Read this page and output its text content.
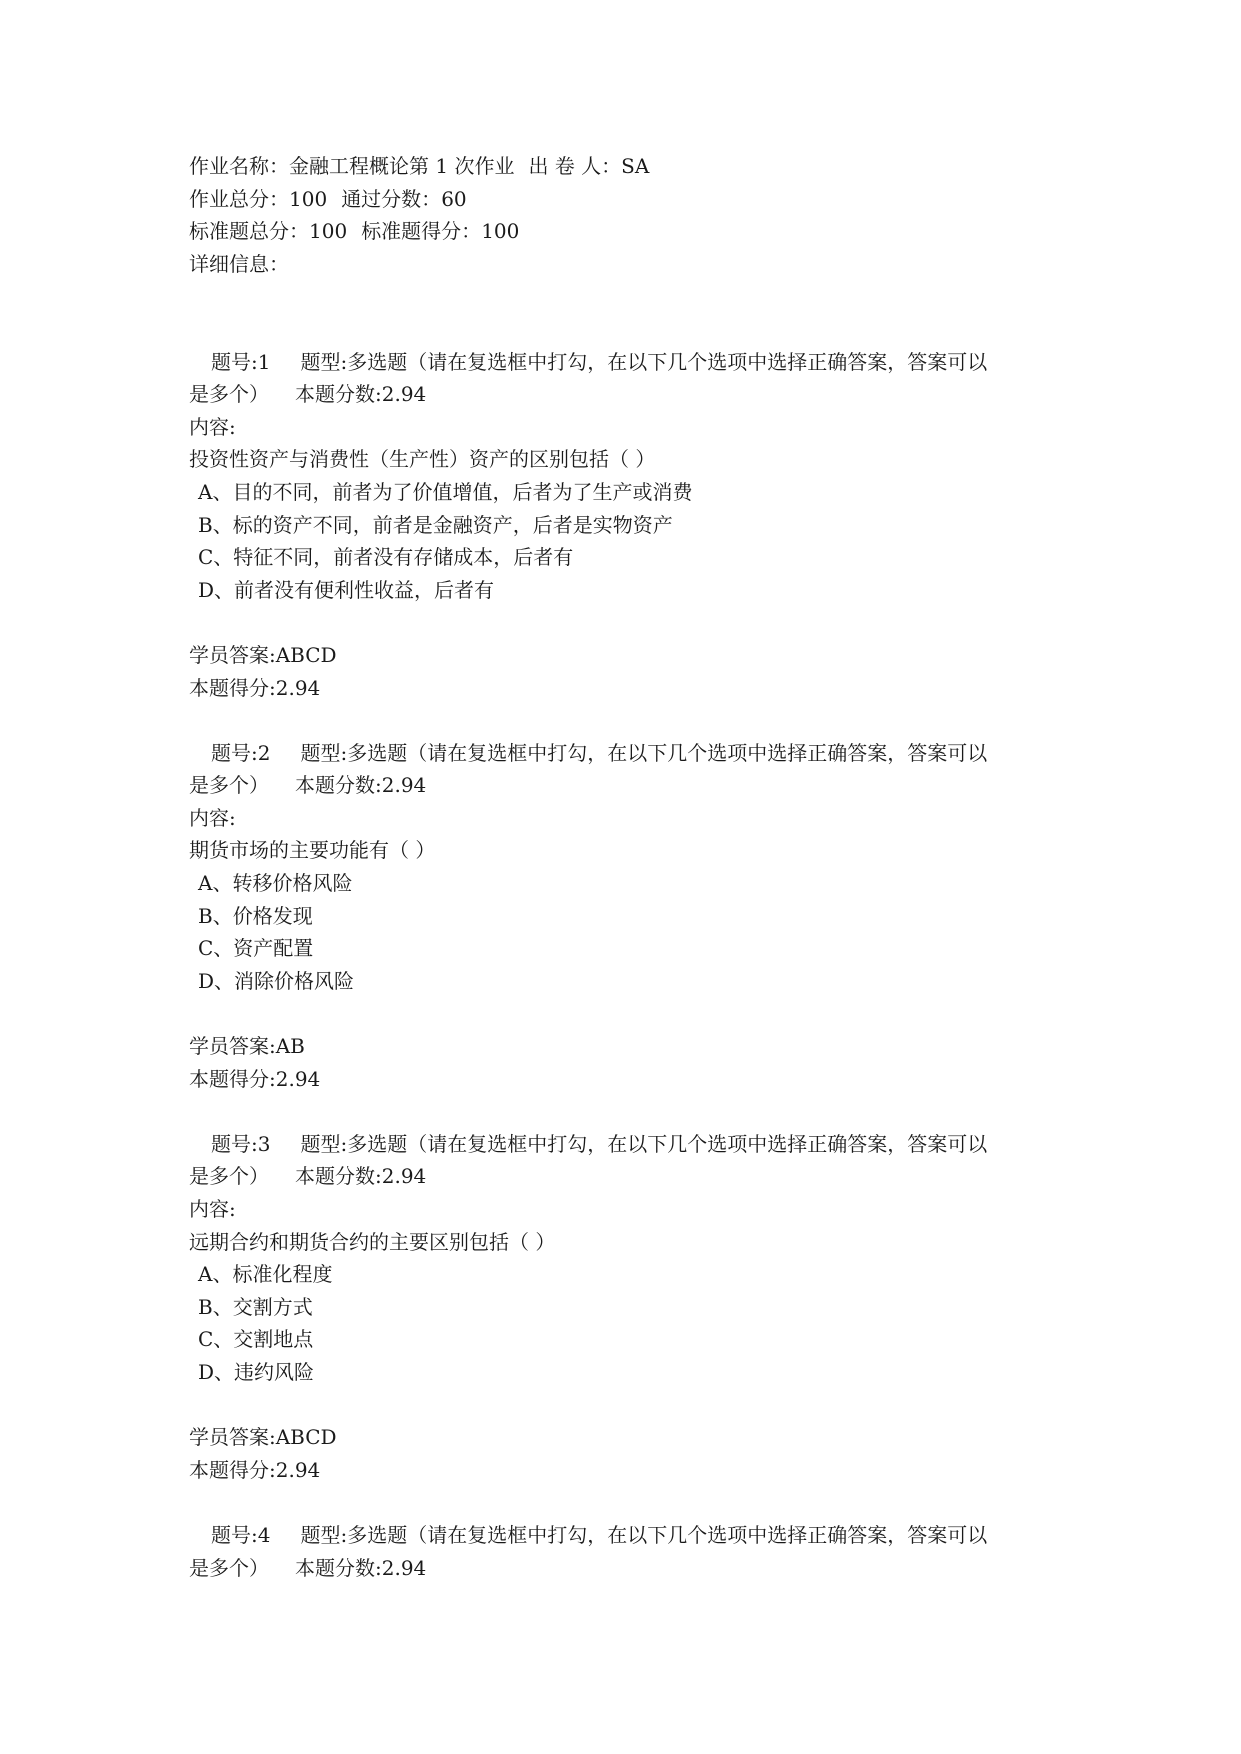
作业名称：金融工程概论第 1 次作业 出 卷 人：SA
作业总分：100 通过分数：60
标准题总分：100 标准题得分：100
详细信息：
题号:1 题型:多选题（请在复选框中打勾，在以下几个选项中选择正确答案，答案可以
是多个） 本题分数:2.94
内容:
投资性资产与消费性（生产性）资产的区别包括（ ）
A、目的不同，前者为了价值增值，后者为了生产或消费
B、标的资产不同，前者是金融资产，后者是实物资产
C、特征不同，前者没有存储成本，后者有
D、前者没有便利性收益，后者有
学员答案:ABCD
本题得分:2.94
题号:2 题型:多选题（请在复选框中打勾，在以下几个选项中选择正确答案，答案可以
是多个） 本题分数:2.94
内容:
期货市场的主要功能有（ ）
A、转移价格风险
B、价格发现
C、资产配置
D、消除价格风险
学员答案:AB
本题得分:2.94
题号:3 题型:多选题（请在复选框中打勾，在以下几个选项中选择正确答案，答案可以
是多个） 本题分数:2.94
内容:
远期合约和期货合约的主要区别包括（ ）
A、标准化程度
B、交割方式
C、交割地点
D、违约风险
学员答案:ABCD
本题得分:2.94
题号:4 题型:多选题（请在复选框中打勾，在以下几个选项中选择正确答案，答案可以
是多个） 本题分数:2.94
